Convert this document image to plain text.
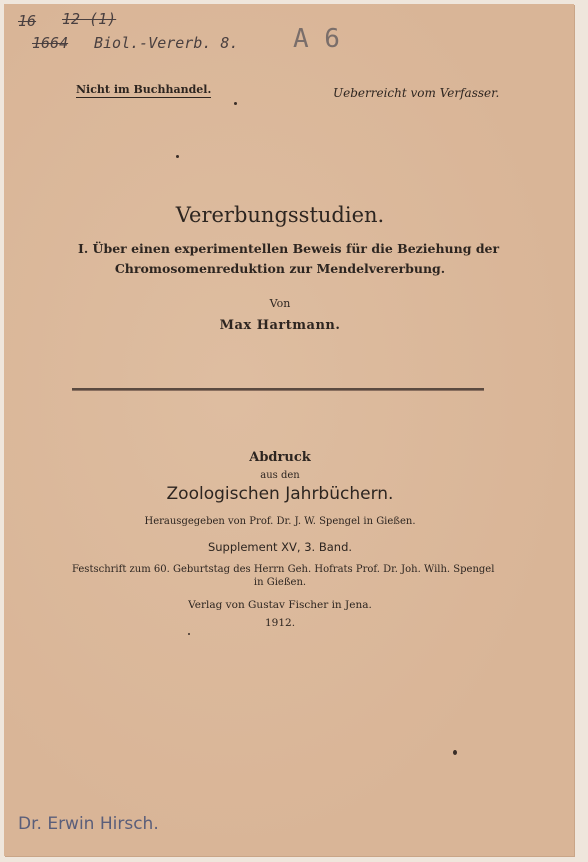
16 12 (1)
1664 Biol.-Vererb. 8. A 6
Nicht im Buchhandel.	Ueberreicht vom Verfasser.
Vererbungsstudien.
I. Über einen experimentellen Beweis für die Beziehung der
Chromosomenreduktion zur Mendelvererbung.
Von
Max Hartmann.
Abdruck
aus den
Zoologischen Jahrbüchern.
Herausgegeben von Prof. Dr. J. W. Spengel in Gießen.
Supplement XV, 3. Band.
Festschrift zum 60. Geburtstag des Herrn Geh. Hofrats Prof. Dr. Joh. Wilh. Spengel
in Gießen.
Verlag von Gustav Fischer in Jena.
1912.
Dr. Erwin Hirsch.
